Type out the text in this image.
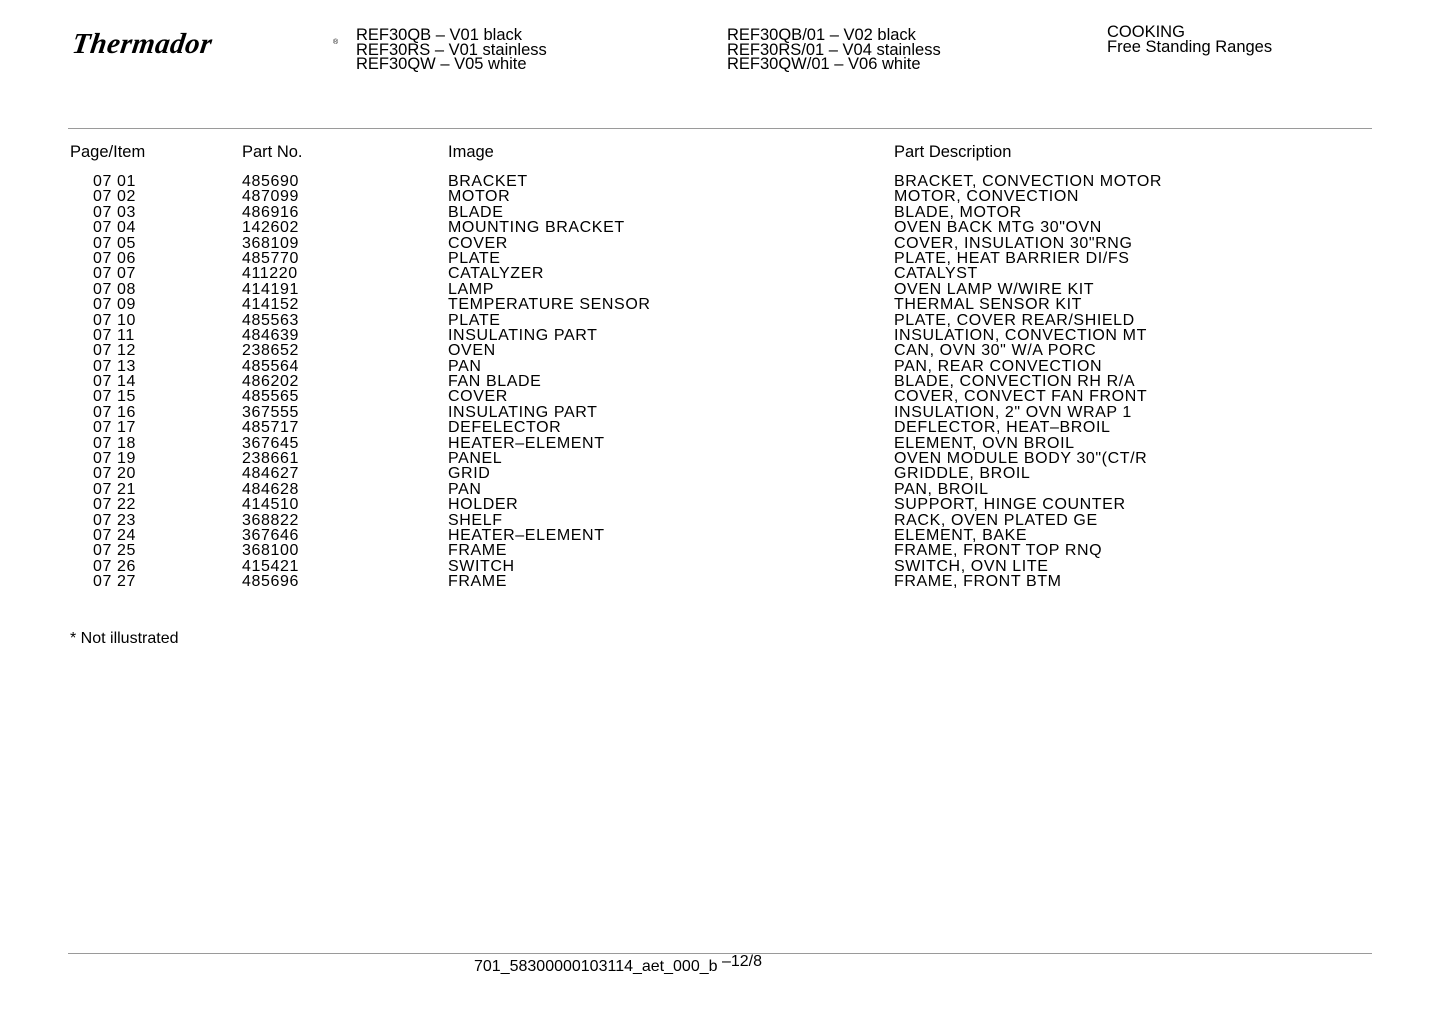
Thermador	® REF30QB – V01 black
REF30RS – V01 stainless
REF30QW – V05 white
REF30QB/01 – V02 black
REF30RS/01 – V04 stainless
REF30QW/01 – V06 white
COOKING
Free Standing Ranges
Page/Item	Part No.	Image	Part Description
07 01	485690	BRACKET	BRACKET, CONVECTION MOTOR
07 02	487099	MOTOR	MOTOR, CONVECTION
07 03	486916	BLADE	BLADE, MOTOR
07 04	142602	MOUNTING BRACKET	OVEN BACK MTG 30"OVN
07 05	368109	COVER	COVER, INSULATION 30"RNG
07 06	485770	PLATE	PLATE, HEAT BARRIER DI/FS
07 07	411220	CATALYZER	CATALYST
07 08	414191	LAMP	OVEN LAMP W/WIRE KIT
07 09	414152	TEMPERATURE SENSOR	THERMAL SENSOR KIT
07 10	485563	PLATE	PLATE, COVER REAR/SHIELD
07 11	484639	INSULATING PART	INSULATION, CONVECTION MT
07 12	238652	OVEN	CAN, OVN 30" W/A PORC
07 13	485564	PAN	PAN, REAR CONVECTION
07 14	486202	FAN BLADE	BLADE, CONVECTION RH R/A
07 15	485565	COVER	COVER, CONVECT FAN FRONT
07 16	367555	INSULATING PART	INSULATION, 2" OVN WRAP 1
07 17	485717	DEFELECTOR	DEFLECTOR, HEAT–BROIL
07 18	367645	HEATER–ELEMENT	ELEMENT, OVN BROIL
07 19	238661	PANEL	OVEN MODULE BODY 30"(CT/R
07 20	484627	GRID	GRIDDLE, BROIL
07 21	484628	PAN	PAN, BROIL
07 22	414510	HOLDER	SUPPORT, HINGE COUNTER
07 23	368822	SHELF	RACK, OVEN PLATED GE
07 24	367646	HEATER–ELEMENT	ELEMENT, BAKE
07 25	368100	FRAME	FRAME, FRONT TOP RNQ
07 26	415421	SWITCH	SWITCH, OVN LITE
07 27	485696	FRAME	FRAME, FRONT BTM
* Not illustrated
701_58300000103114_aet_000_b –12/8
